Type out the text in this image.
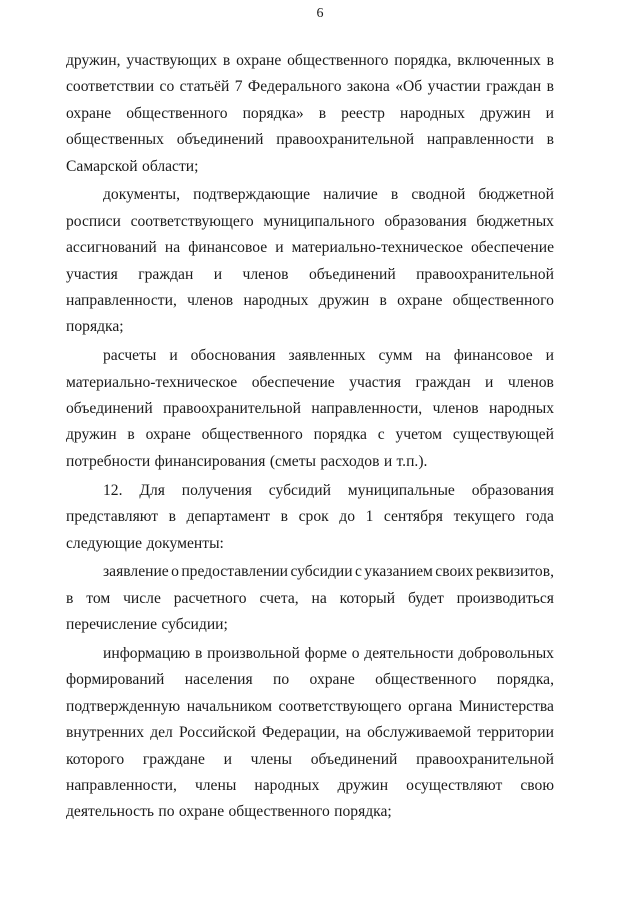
6
дружин, участвующих в охране общественного порядка, включенных в
соответствии со статьёй 7 Федерального закона «Об участии граждан в
охране общественного порядка» в реестр народных дружин и
общественных объединений правоохранительной направленности в
Самарской области;
документы, подтверждающие наличие в сводной бюджетной
росписи соответствующего муниципального образования бюджетных
ассигнований на финансовое и материально-техническое обеспечение
участия граждан и членов объединений правоохранительной
направленности, членов народных дружин в охране общественного
порядка;
расчеты и обоснования заявленных сумм на финансовое и
материально-техническое обеспечение участия граждан и членов
объединений правоохранительной направленности, членов народных
дружин в охране общественного порядка с учетом существующей
потребности финансирования (сметы расходов и т.п.).
12. Для получения субсидий муниципальные образования
представляют в департамент в срок до 1 сентября текущего года
следующие документы:
заявление о предоставлении субсидии с указанием своих реквизитов,
в том числе расчетного счета, на который будет производиться
перечисление субсидии;
информацию в произвольной форме о деятельности добровольных
формирований населения по охране общественного порядка,
подтвержденную начальником соответствующего органа Министерства
внутренних дел Российской Федерации, на обслуживаемой территории
которого граждане и члены объединений правоохранительной
направленности, члены народных дружин осуществляют свою
деятельность по охране общественного порядка;
